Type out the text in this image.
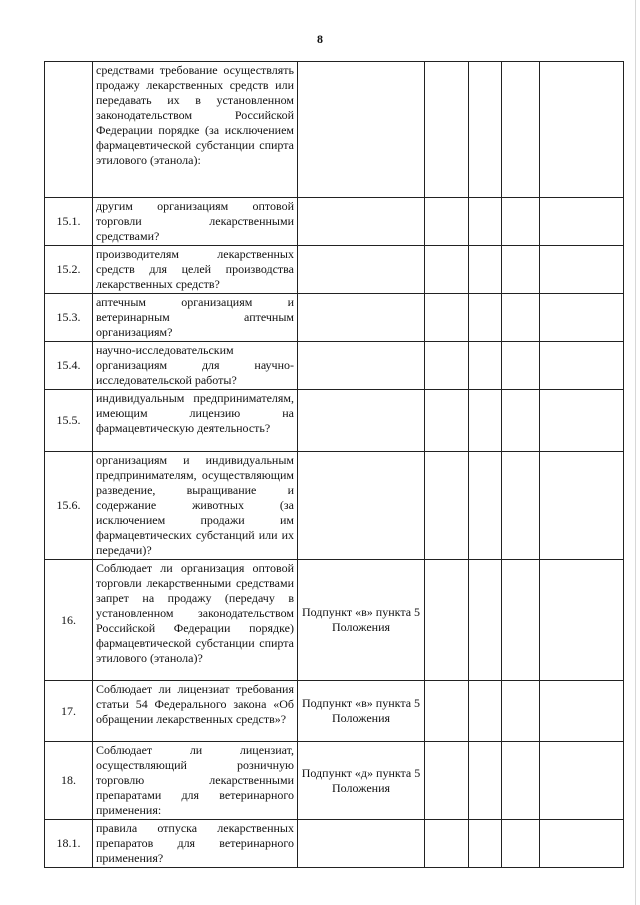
8
	средствами требование осуществлять продажу лекарственных средств или передавать их в установленном законодательством Российской Федерации порядке (за исключением фармацевтической субстанции спирта этилового (этанола):					
15.1.	другим организациям оптовой торговли лекарственными средствами?					
15.2.	производителям лекарственных средств для целей производства лекарственных средств?					
15.3.	аптечным организациям и ветеринарным аптечным организациям?					
15.4.	научно-исследовательским организациям для научно-исследовательской работы?					
15.5.	индивидуальным предпринимателям, имеющим лицензию на фармацевтическую деятельность?					
15.6.	организациям и индивидуальным предпринимателям, осуществляющим разведение, выращивание и содержание животных (за исключением продажи им фармацевтических субстанций или их передачи)?					
16.	Соблюдает ли организация оптовой торговли лекарственными средствами запрет на продажу (передачу в установленном законодательством Российской Федерации порядке) фармацевтической субстанции спирта этилового (этанола)?	Подпункт «в» пункта 5 Положения				
17.	Соблюдает ли лицензиат требования статьи 54 Федерального закона «Об обращении лекарственных средств»?	Подпункт «в» пункта 5 Положения				
18.	Соблюдает ли лицензиат, осуществляющий розничную торговлю лекарственными препаратами для ветеринарного применения:	Подпункт «д» пункта 5 Положения				
18.1.	правила отпуска лекарственных препаратов для ветеринарного применения?					
